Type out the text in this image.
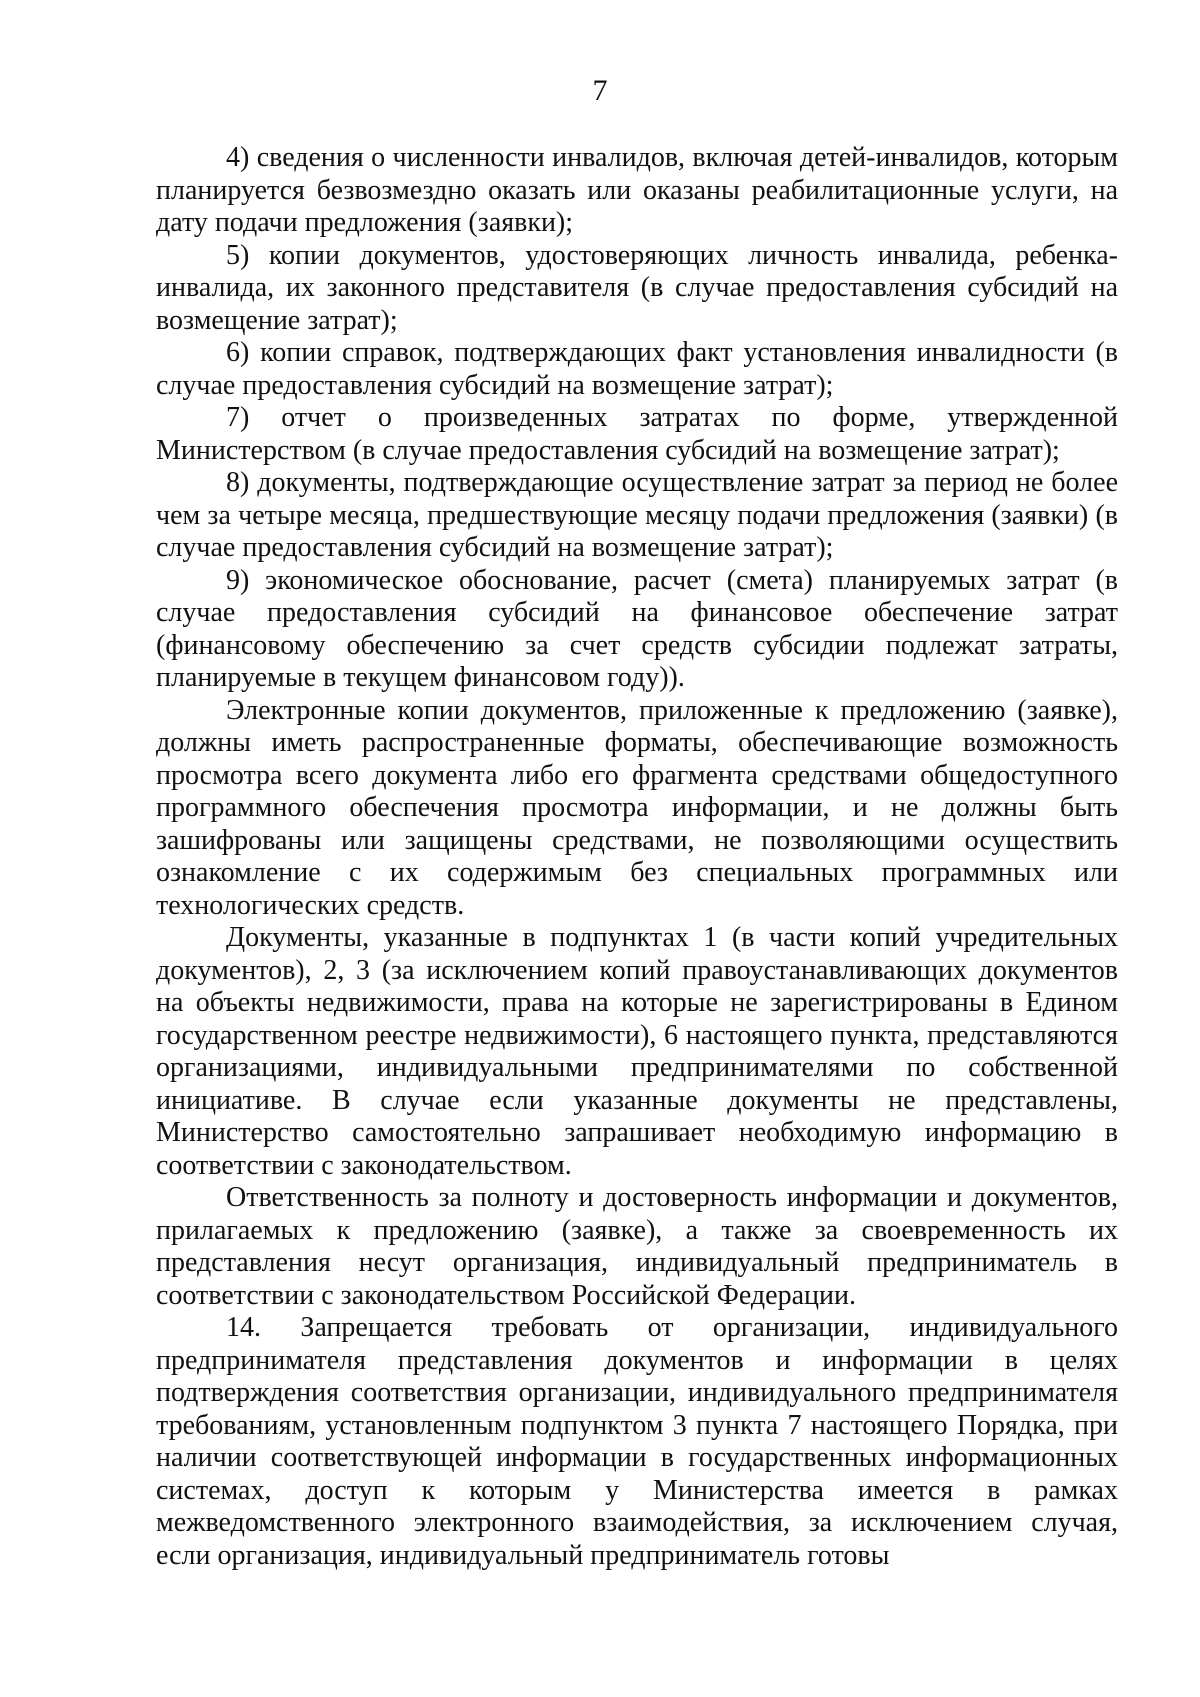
7

4) сведения о численности инвалидов, включая детей-инвалидов, которым планируется безвозмездно оказать или оказаны реабилитационные услуги, на дату подачи предложения (заявки);

5) копии документов, удостоверяющих личность инвалида, ребенка-инвалида, их законного представителя (в случае предоставления субсидий на возмещение затрат);

6) копии справок, подтверждающих факт установления инвалидности (в случае предоставления субсидий на возмещение затрат);

7) отчет о произведенных затратах по форме, утвержденной Министерством (в случае предоставления субсидий на возмещение затрат);

8) документы, подтверждающие осуществление затрат за период не более чем за четыре месяца, предшествующие месяцу подачи предложения (заявки) (в случае предоставления субсидий на возмещение затрат);

9) экономическое обоснование, расчет (смета) планируемых затрат (в случае предоставления субсидий на финансовое обеспечение затрат (финансовому обеспечению за счет средств субсидии подлежат затраты, планируемые в текущем финансовом году)).

Электронные копии документов, приложенные к предложению (заявке), должны иметь распространенные форматы, обеспечивающие возможность просмотра всего документа либо его фрагмента средствами общедоступного программного обеспечения просмотра информации, и не должны быть зашифрованы или защищены средствами, не позволяющими осуществить ознакомление с их содержимым без специальных программных или технологических средств.

Документы, указанные в подпунктах 1 (в части копий учредительных документов), 2, 3 (за исключением копий правоустанавливающих документов на объекты недвижимости, права на которые не зарегистрированы в Едином государственном реестре недвижимости), 6 настоящего пункта, представляются организациями, индивидуальными предпринимателями по собственной инициативе. В случае если указанные документы не представлены, Министерство самостоятельно запрашивает необходимую информацию в соответствии с законодательством.

Ответственность за полноту и достоверность информации и документов, прилагаемых к предложению (заявке), а также за своевременность их представления несут организация, индивидуальный предприниматель в соответствии с законодательством Российской Федерации.

14. Запрещается требовать от организации, индивидуального предпринимателя представления документов и информации в целях подтверждения соответствия организации, индивидуального предпринимателя требованиям, установленным подпунктом 3 пункта 7 настоящего Порядка, при наличии соответствующей информации в государственных информационных системах, доступ к которым у Министерства имеется в рамках межведомственного электронного взаимодействия, за исключением случая, если организация, индивидуальный предприниматель готовы
